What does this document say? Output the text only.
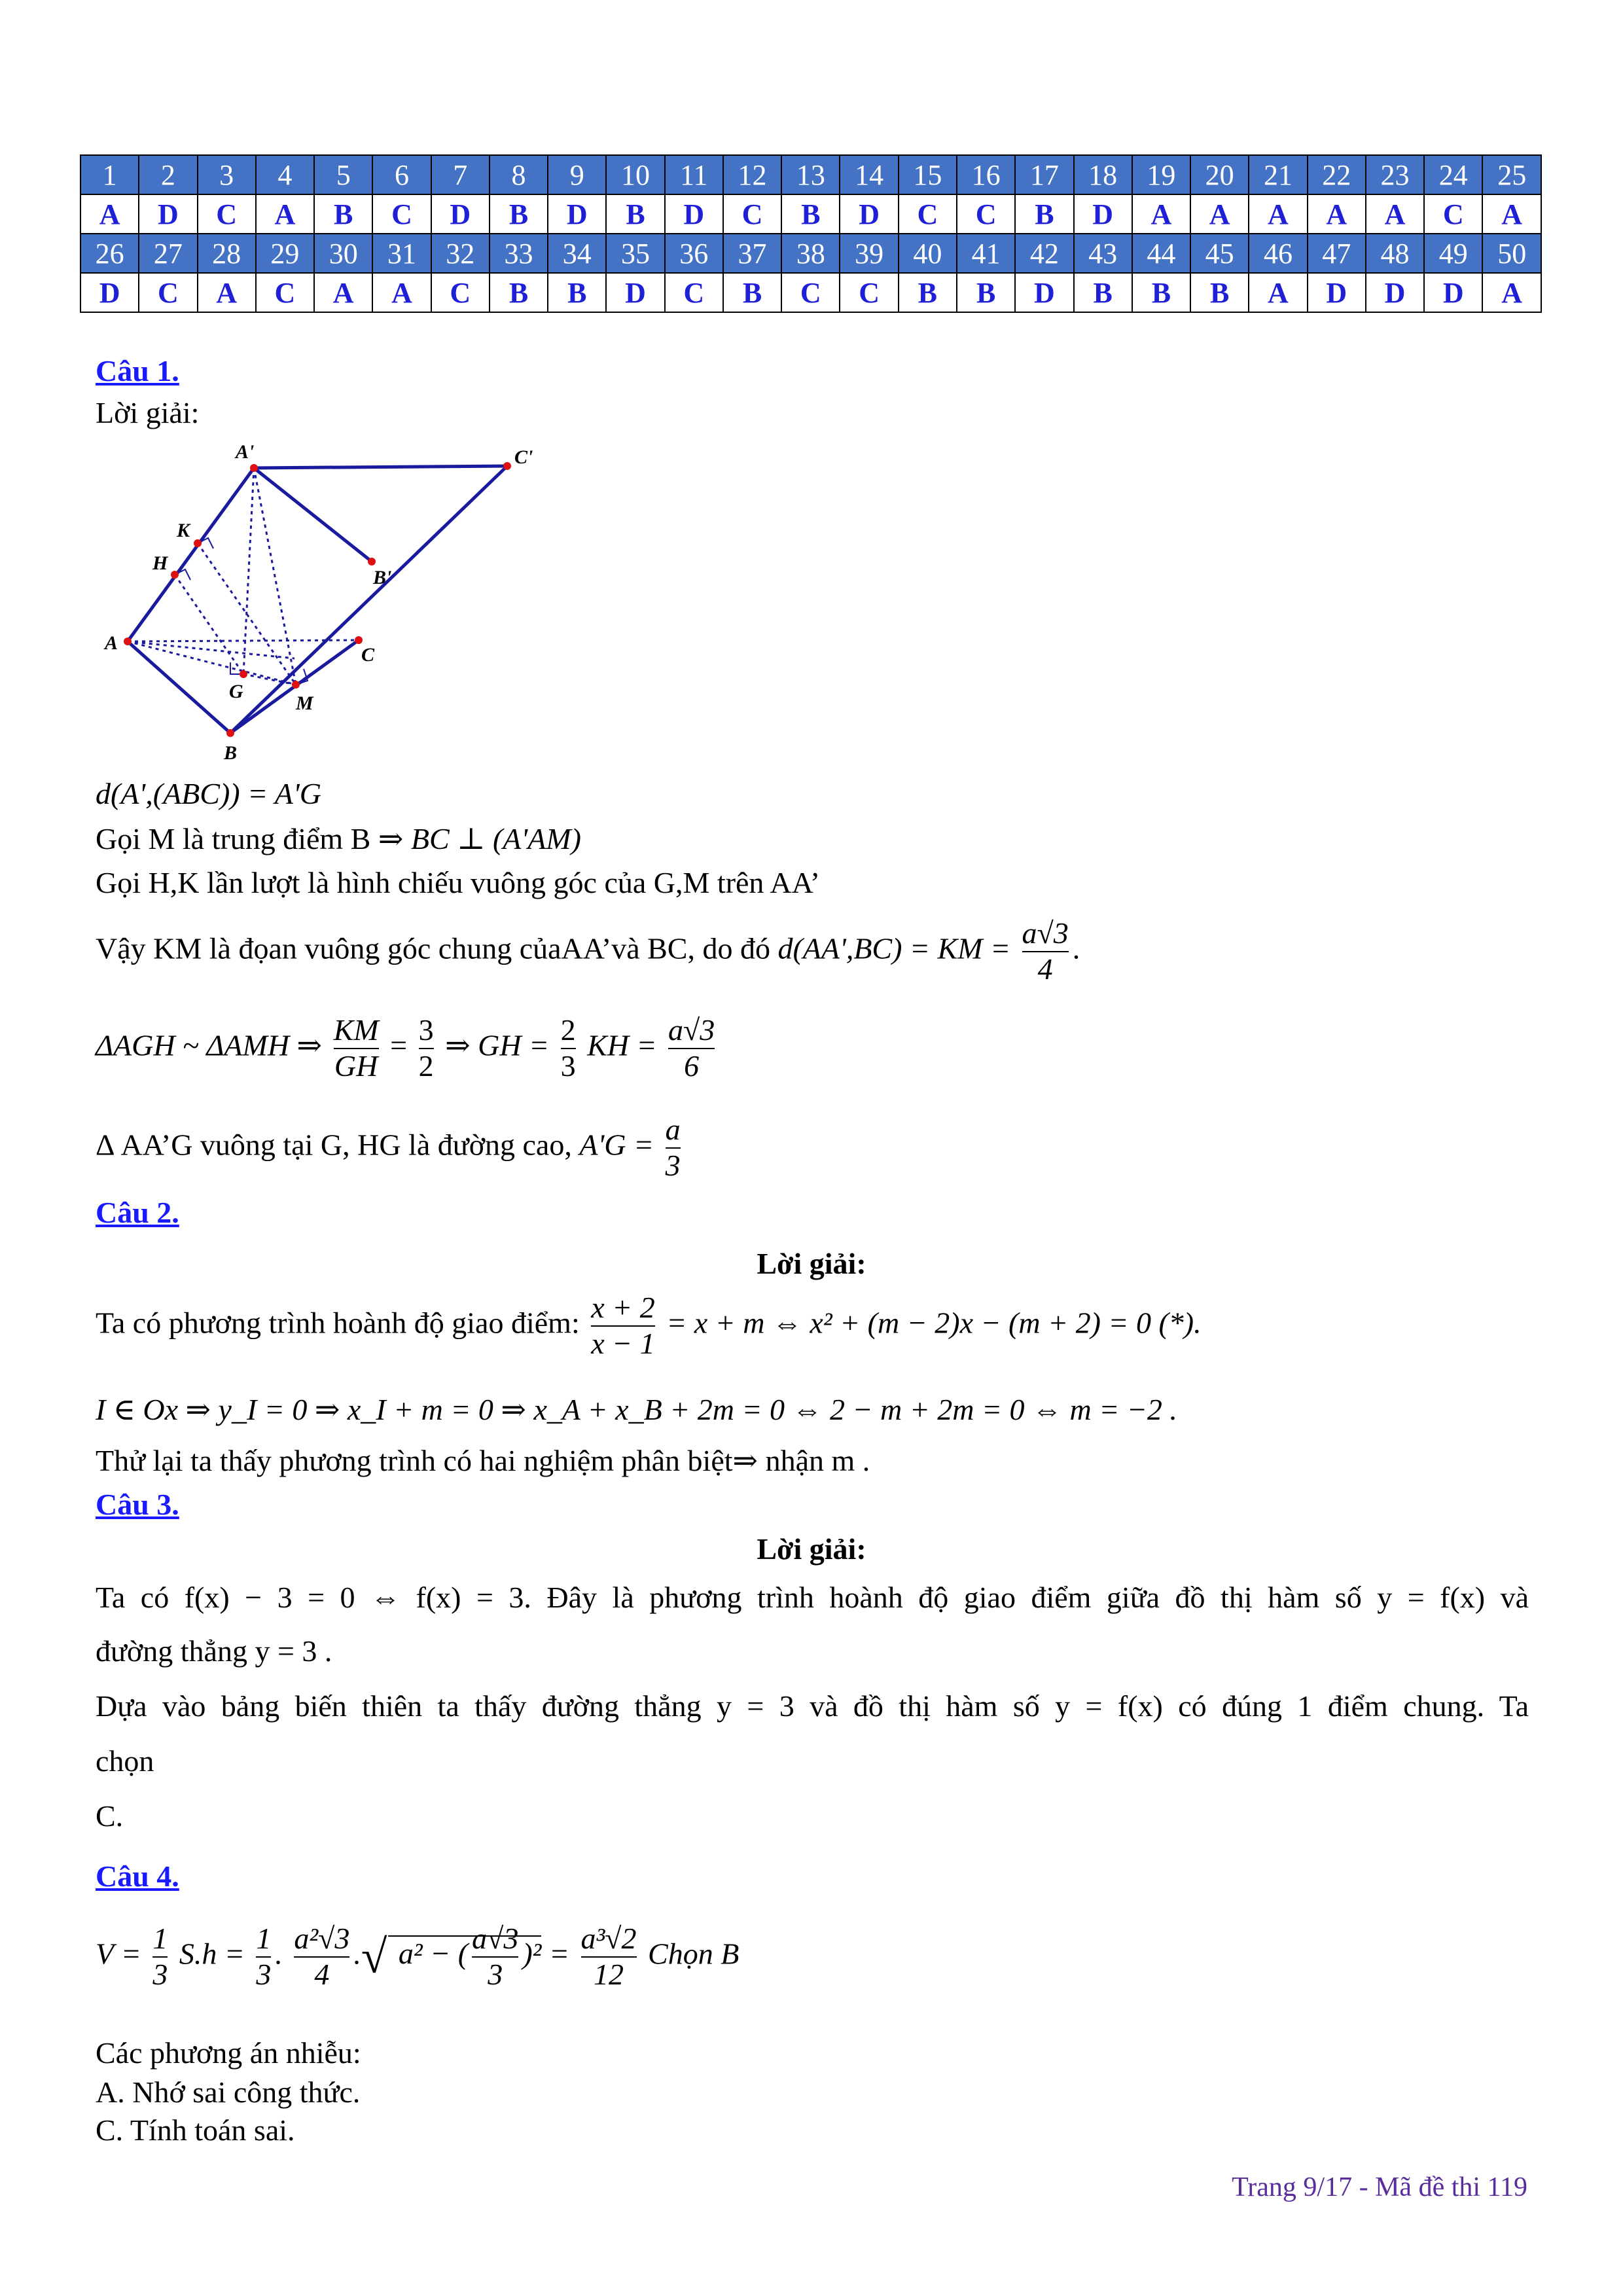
1	2	3	4	5	6	7	8	9	10	11	12	13	14	15	16	17	18	19	20	21	22	23	24	25
A	D	C	A	B	C	D	B	D	B	D	C	B	D	C	C	B	D	A	A	A	A	A	C	A
26	27	28	29	30	31	32	33	34	35	36	37	38	39	40	41	42	43	44	45	46	47	48	49	50
D	C	A	C	A	A	C	B	B	D	C	B	C	C	B	B	D	B	B	B	A	D	D	D	A
Câu 1.
Lời giải:
A'	C'
B'
K
H
A
C
G
M
B
d(A',(ABC)) = A'G
Gọi M là trung điểm B ⇒ BC ⊥ (A'AM)
Gọi H,K lần lượt là hình chiếu vuông góc của G,M trên AA’
Vậy KM là đọan vuông góc chung củaAA’và BC, do đó d(AA',BC) = KM = $\frac{a√3}{4}$ .
ΔAGH ~ ΔAMH ⇒ $\frac{KM}{GH} = \frac{3}{2}$ ⇒ GH = $\frac{2}{3}$ KH = $\frac{a√3}{6}$
Δ AA’G vuông tại G, HG là đường cao, $A'G = \frac{a}{3}$
Câu 2.
Lời giải:
Ta có phương trình hoành độ giao điểm: $\frac{x + 2}{x - 1} = x + m$ ⇔ x² + (m − 2)x − (m + 2) = 0 (*).
I ∈ Ox ⇒ y_I = 0 ⇒ x_I + m = 0 ⇒ x_A + x_B + 2m = 0 ⇔ 2 − m + 2m = 0 ⇔ m = −2 .
Thử lại ta thấy phương trình có hai nghiệm phân biệt⇒ nhận m .
Câu 3.
Lời giải:
Ta có f(x) − 3 = 0 ⇔ f(x) = 3. Đây là phương trình hoành độ giao điểm giữa đồ thị hàm số y = f(x) và
đường thẳng y = 3 .
Dựa vào bảng biến thiên ta thấy đường thẳng y = 3 và đồ thị hàm số y = f(x) có đúng 1 điểm chung. Ta
chọn
C.
Câu 4.
$V = \frac{1}{3} S.h = \frac{1}{3}$ . $\frac{\text{a²√3}}{4}$ .√ a² − ( $\frac{a√3}{3} )^2 = \frac{\text{a³√2}}{12}$ Chọn B
Các phương án nhiễu:
A. Nhớ sai công thức.
C. Tính toán sai.
Trang 9/17 - Mã đề thi 119
